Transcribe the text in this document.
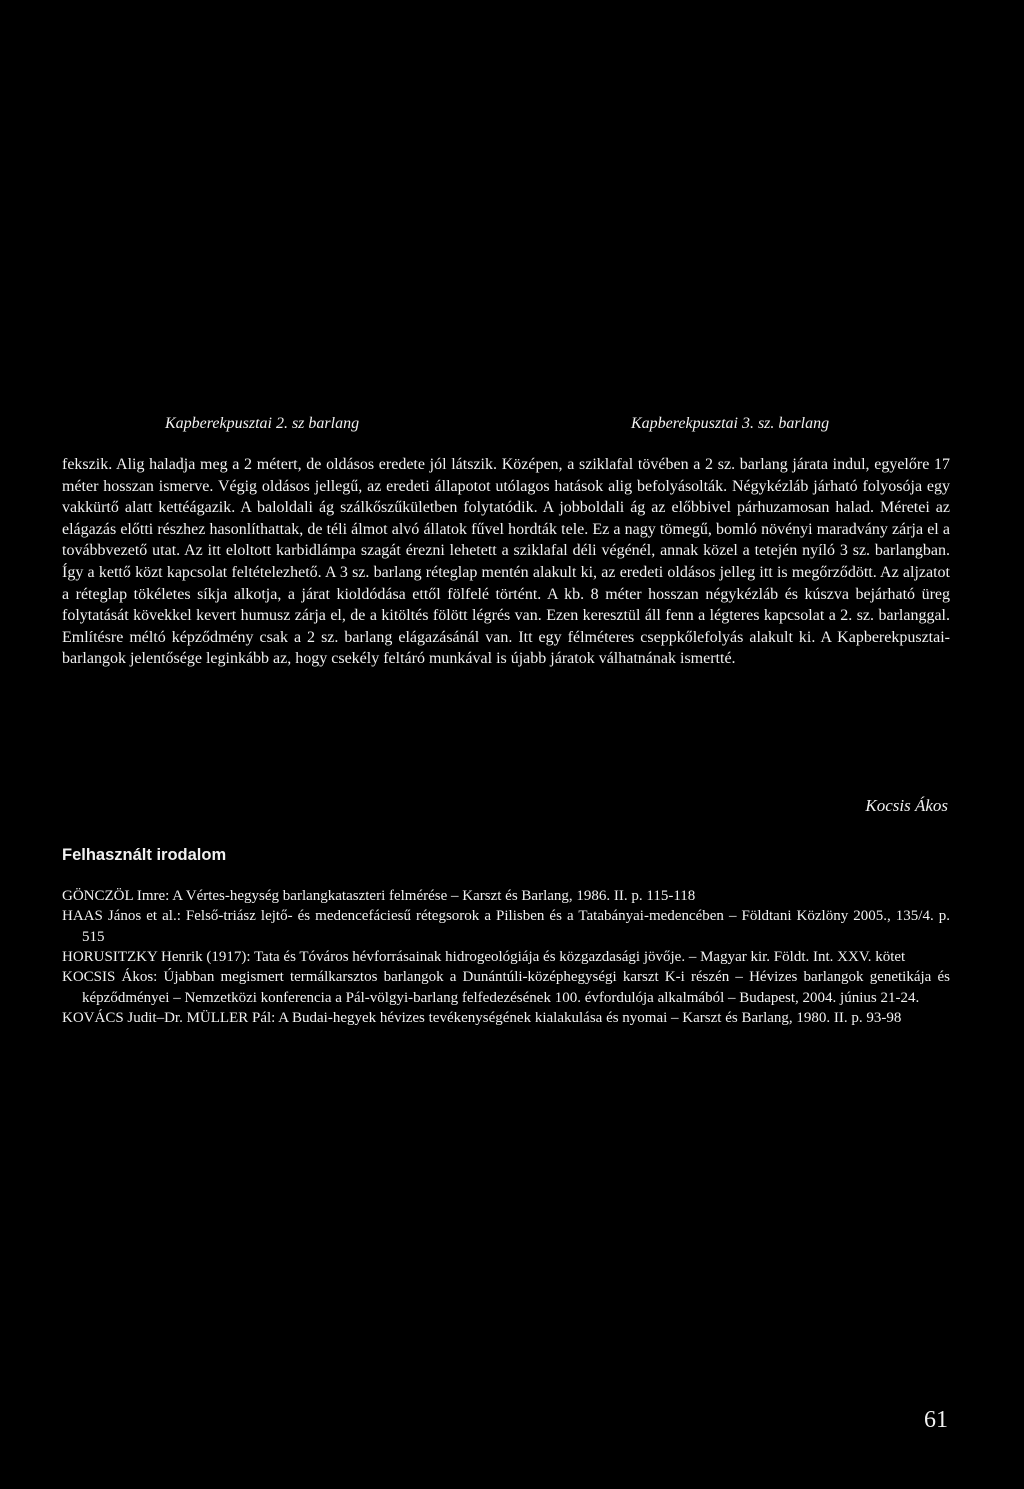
Kapberekpusztai 2. sz barlang	Kapberekpusztai 3. sz. barlang

fekszik. Alig haladja meg a 2 métert, de oldásos eredete jól látszik. Középen, a sziklafal tövében a 2 sz. barlang járata indul, egyelőre 17 méter hosszan ismerve. Végig oldásos jellegű, az eredeti állapotot utólagos hatások alig befolyásolták. Négykézláb járható folyosója egy vakkürtő alatt kettéágazik. A baloldali ág szálkőszűkületben folytatódik. A jobboldali ág az előbbivel párhuzamosan halad. Méretei az elágazás előtti részhez hasonlíthattak, de téli álmot alvó állatok fűvel hordták tele. Ez a nagy tömegű, bomló növényi maradvány zárja el a továbbvezető utat. Az itt eloltott karbidlámpa szagát érezni lehetett a sziklafal déli végénél, annak közel a tetején nyíló 3 sz. barlangban. Így a kettő közt kapcsolat feltételezhető. A 3 sz. barlang réteglap mentén alakult ki, az eredeti oldásos jelleg itt is megőrződött. Az aljzatot a réteglap tökéletes síkja alkotja, a járat kioldódása ettől fölfelé történt. A kb. 8 méter hosszan négykézláb és kúszva bejárható üreg folytatását kövekkel kevert humusz zárja el, de a kitöltés fölött légrés van. Ezen keresztül áll fenn a légteres kapcsolat a 2. sz. barlanggal. Említésre méltó képződmény csak a 2 sz. barlang elágazásánál van. Itt egy félméteres cseppkőlefolyás alakult ki. A Kapberekpusztai-barlangok jelentősége leginkább az, hogy csekély feltáró munkával is újabb járatok válhatnának ismertté.

Kocsis Ákos
Felhasznált irodalom
GÖNCZÖL Imre: A Vértes-hegység barlangkataszteri felmérése – Karszt és Barlang, 1986. II. p. 115-118
HAAS János et al.: Felső-triász lejtő- és medencefáciesű rétegsorok a Pilisben és a Tatabányai-medencében – Földtani Közlöny 2005., 135/4. p. 515
HORUSITZKY Henrik (1917): Tata és Tóváros hévforrásainak hidrogeológiája és közgazdasági jövője. – Magyar kir. Földt. Int. XXV. kötet
KOCSIS Ákos: Újabban megismert termálkarsztos barlangok a Dunántúli-középhegységi karszt K-i részén – Hévizes barlangok genetikája és képződményei – Nemzetközi konferencia a Pál-völgyi-barlang felfedezésének 100. évfordulója alkalmából – Budapest, 2004. június 21-24.
KOVÁCS Judit–Dr. MÜLLER Pál: A Budai-hegyek hévizes tevékenységének kialakulása és nyomai – Karszt és Barlang, 1980. II. p. 93-98
61
